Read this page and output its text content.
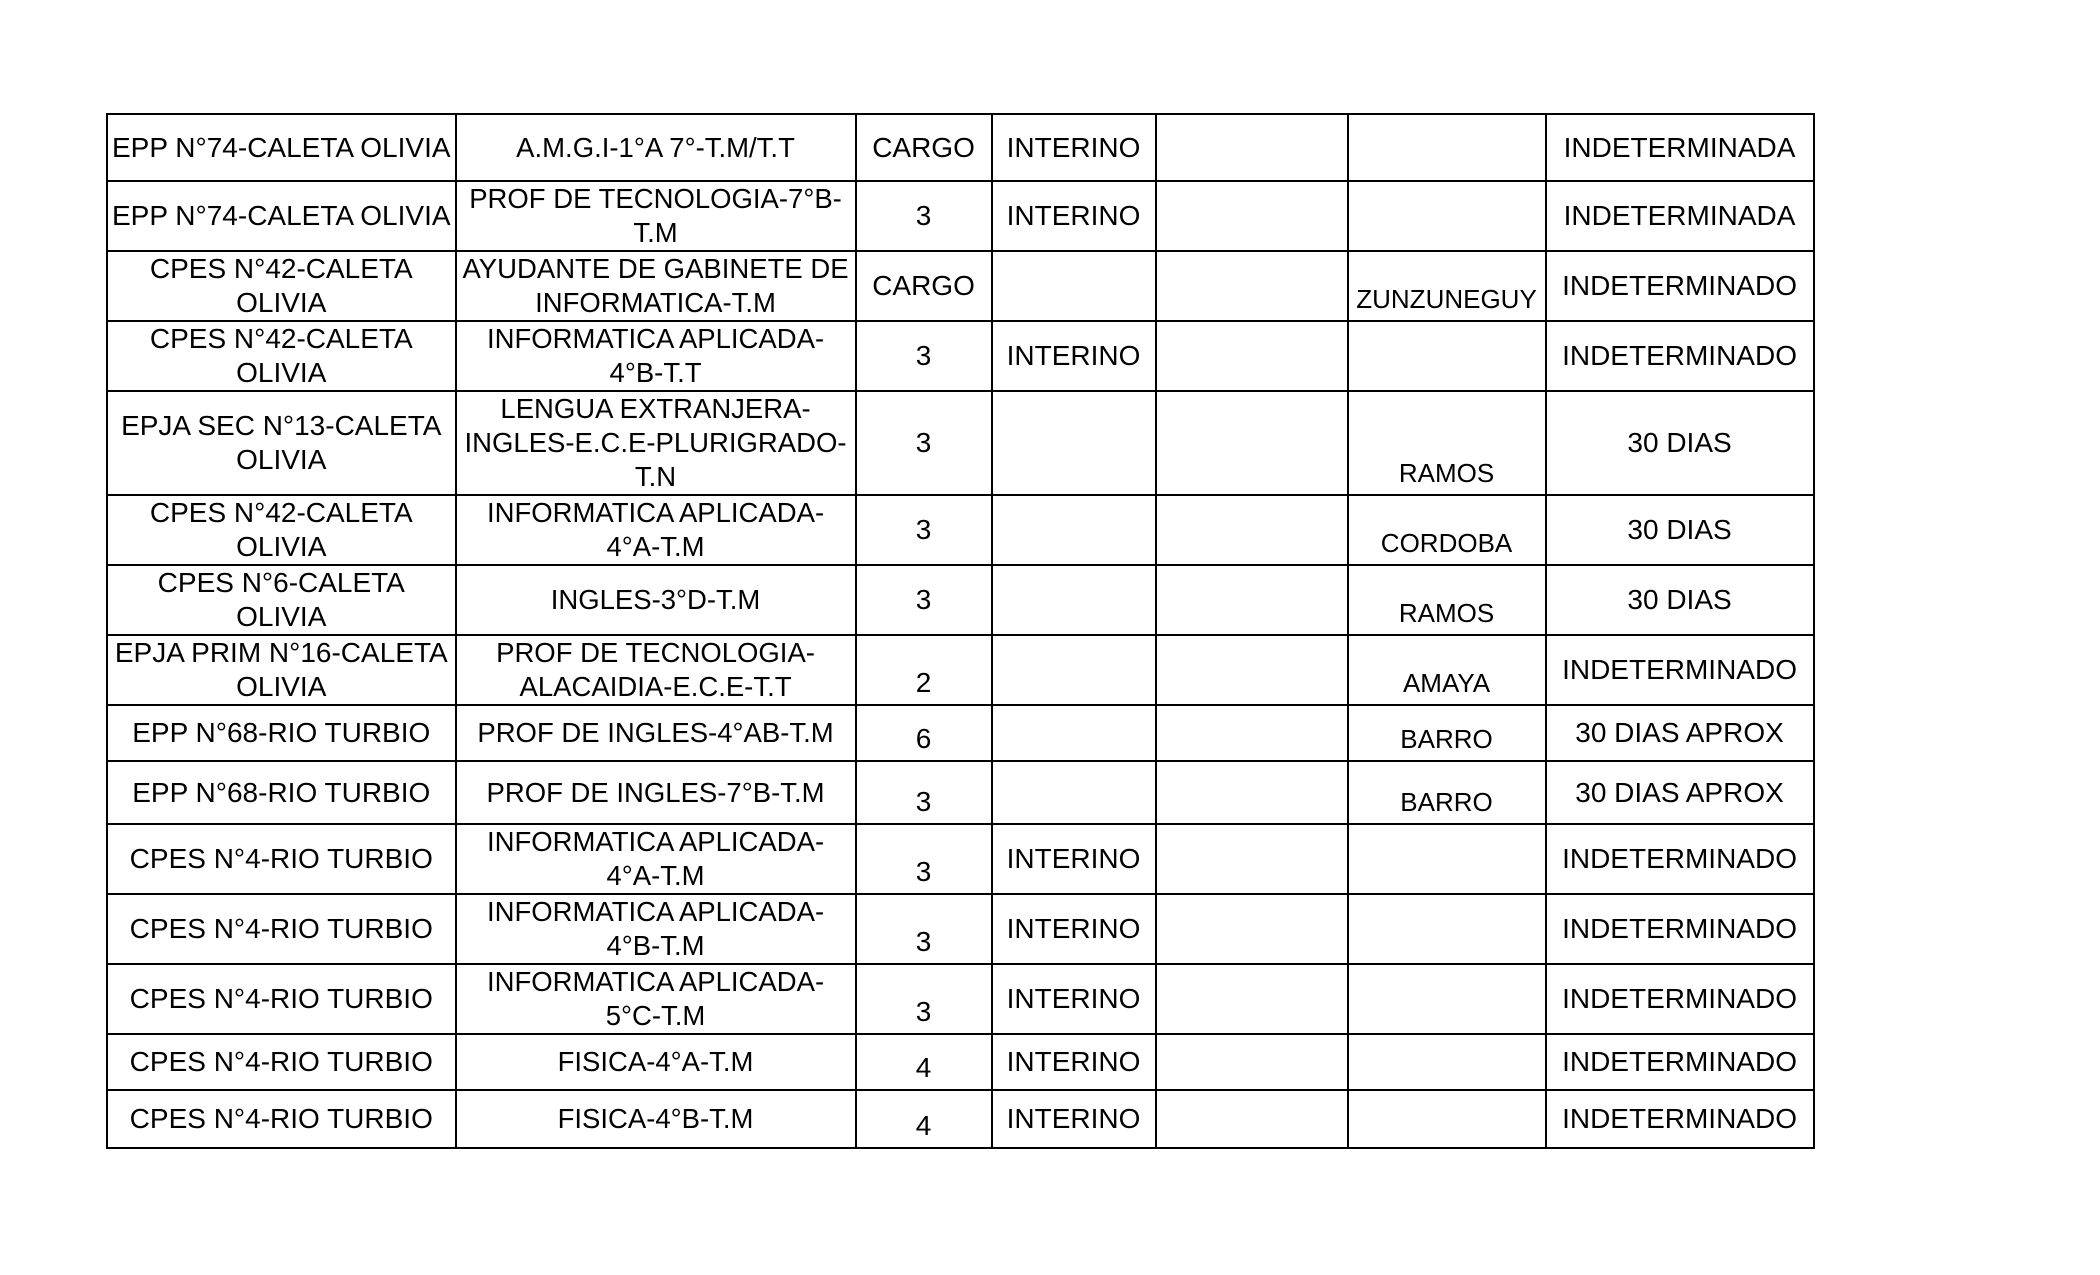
EPP N°74-CALETA OLIVIA	A.M.G.I-1°A 7°-T.M/T.T	CARGO	INTERINO			INDETERMINADA
EPP N°74-CALETA OLIVIA	PROF DE TECNOLOGIA-7°B-T.M	3	INTERINO			INDETERMINADA
CPES N°42-CALETA OLIVIA	AYUDANTE DE GABINETE DE INFORMATICA-T.M	CARGO			ZUNZUNEGUY	INDETERMINADO
CPES N°42-CALETA OLIVIA	INFORMATICA APLICADA-4°B-T.T	3	INTERINO			INDETERMINADO
EPJA SEC N°13-CALETA OLIVIA	LENGUA EXTRANJERA-INGLES-E.C.E-PLURIGRADO-T.N	3			RAMOS	30 DIAS
CPES N°42-CALETA OLIVIA	INFORMATICA APLICADA-4°A-T.M	3			CORDOBA	30 DIAS
CPES N°6-CALETA OLIVIA	INGLES-3°D-T.M	3			RAMOS	30 DIAS
EPJA PRIM N°16-CALETA OLIVIA	PROF DE TECNOLOGIA-ALACAIDIA-E.C.E-T.T	2			AMAYA	INDETERMINADO
EPP N°68-RIO TURBIO	PROF DE INGLES-4°AB-T.M	6			BARRO	30 DIAS APROX
EPP N°68-RIO TURBIO	PROF DE INGLES-7°B-T.M	3			BARRO	30 DIAS APROX
CPES N°4-RIO TURBIO	INFORMATICA APLICADA-4°A-T.M	3	INTERINO			INDETERMINADO
CPES N°4-RIO TURBIO	INFORMATICA APLICADA-4°B-T.M	3	INTERINO			INDETERMINADO
CPES N°4-RIO TURBIO	INFORMATICA APLICADA-5°C-T.M	3	INTERINO			INDETERMINADO
CPES N°4-RIO TURBIO	FISICA-4°A-T.M	4	INTERINO			INDETERMINADO
CPES N°4-RIO TURBIO	FISICA-4°B-T.M	4	INTERINO			INDETERMINADO
